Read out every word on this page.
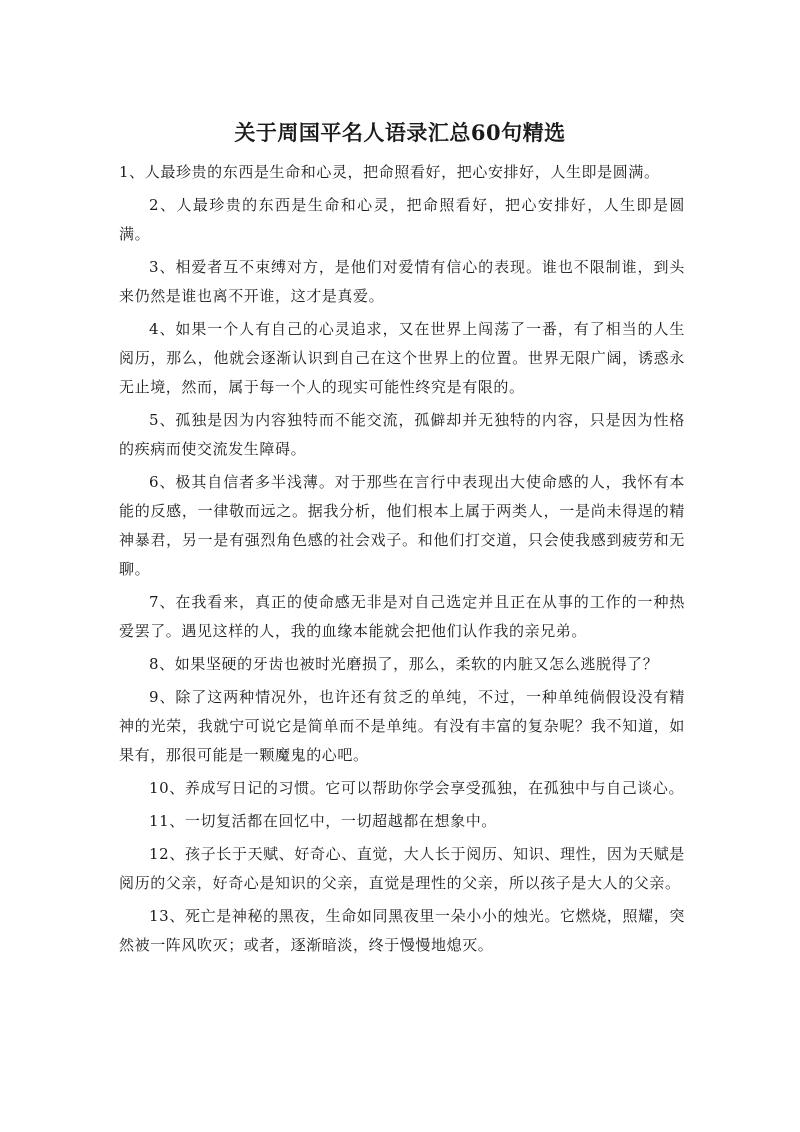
关于周国平名人语录汇总60句精选

1、人最珍贵的东西是生命和心灵，把命照看好，把心安排好，人生即是圆满。

2、人最珍贵的东西是生命和心灵，把命照看好，把心安排好，人生即是圆满。

3、相爱者互不束缚对方，是他们对爱情有信心的表现。谁也不限制谁，到头来仍然是谁也离不开谁，这才是真爱。

4、如果一个人有自己的心灵追求，又在世界上闯荡了一番，有了相当的人生阅历，那么，他就会逐渐认识到自己在这个世界上的位置。世界无限广阔，诱惑永无止境，然而，属于每一个人的现实可能性终究是有限的。

5、孤独是因为内容独特而不能交流，孤僻却并无独特的内容，只是因为性格的疾病而使交流发生障碍。

6、极其自信者多半浅薄。对于那些在言行中表现出大使命感的人，我怀有本能的反感，一律敬而远之。据我分析，他们根本上属于两类人，一是尚未得逞的精神暴君，另一是有强烈角色感的社会戏子。和他们打交道，只会使我感到疲劳和无聊。

7、在我看来，真正的使命感无非是对自己选定并且正在从事的工作的一种热爱罢了。遇见这样的人，我的血缘本能就会把他们认作我的亲兄弟。

8、如果坚硬的牙齿也被时光磨损了，那么，柔软的内脏又怎么逃脱得了？

9、除了这两种情况外，也许还有贫乏的单纯，不过，一种单纯倘假设没有精神的光荣，我就宁可说它是简单而不是单纯。有没有丰富的复杂呢？我不知道，如果有，那很可能是一颗魔鬼的心吧。

10、养成写日记的习惯。它可以帮助你学会享受孤独，在孤独中与自己谈心。

11、一切复活都在回忆中，一切超越都在想象中。

12、孩子长于天赋、好奇心、直觉，大人长于阅历、知识、理性，因为天赋是阅历的父亲，好奇心是知识的父亲，直觉是理性的父亲，所以孩子是大人的父亲。

13、死亡是神秘的黑夜，生命如同黑夜里一朵小小的烛光。它燃烧，照耀，突然被一阵风吹灭；或者，逐渐暗淡，终于慢慢地熄灭。
